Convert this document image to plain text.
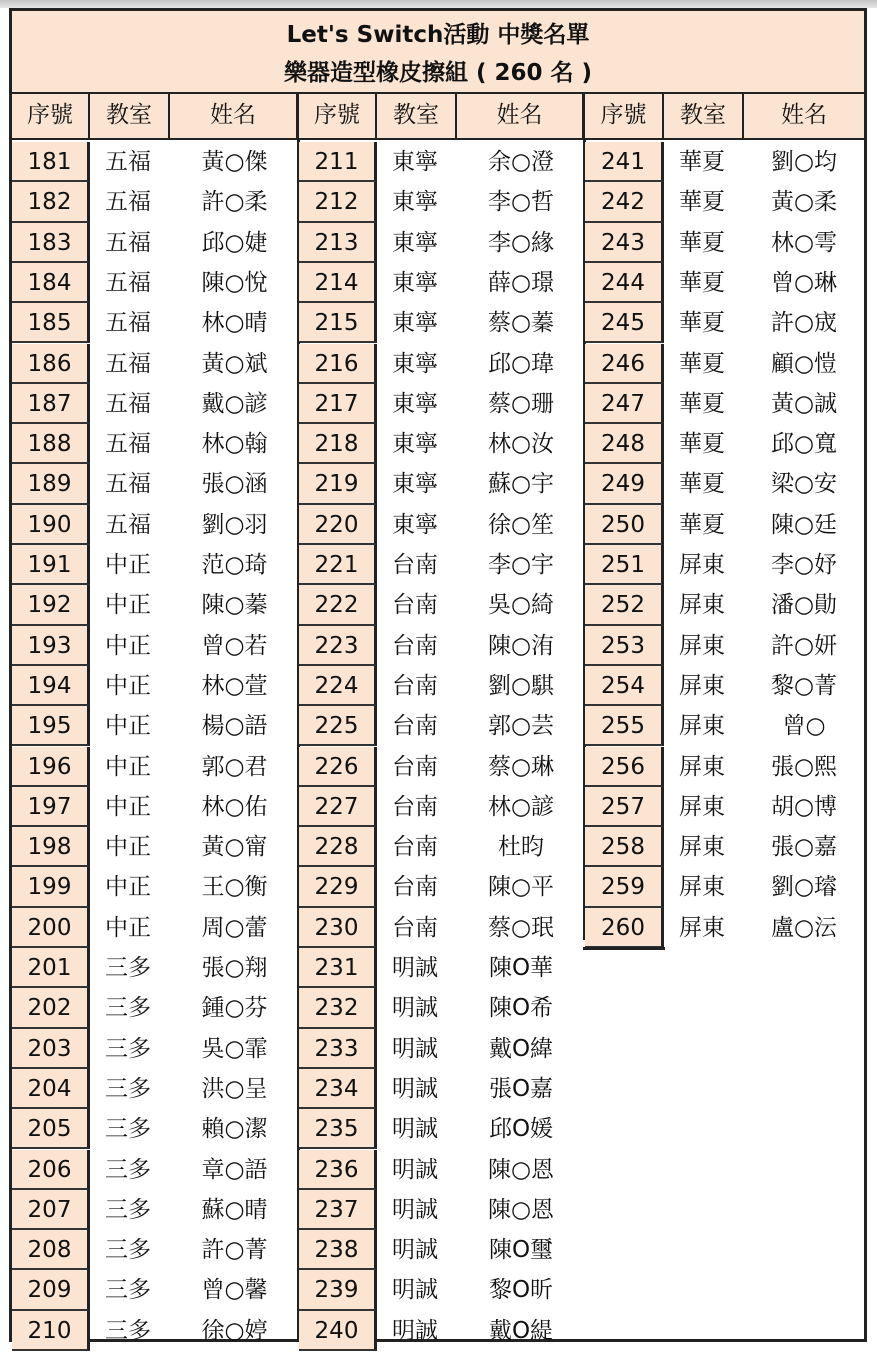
Let's Switch活動 中獎名單
樂器造型橡皮擦組 ( 260 名 )
序號	教室	姓名	序號	教室	姓名	序號	教室	姓名
181	五福	黃○傑
182	五福	許○柔
183	五福	邱○婕
184	五福	陳○悅
185	五福	林○晴
186	五福	黃○斌
187	五福	戴○諺
188	五福	林○翰
189	五福	張○涵
190	五福	劉○羽
191	中正	范○琦
192	中正	陳○蓁
193	中正	曾○若
194	中正	林○萱
195	中正	楊○語
196	中正	郭○君
197	中正	林○佑
198	中正	黃○甯
199	中正	王○衡
200	中正	周○蕾
201	三多	張○翔
202	三多	鍾○芬
203	三多	吳○霏
204	三多	洪○呈
205	三多	賴○潔
206	三多	章○語
207	三多	蘇○晴
208	三多	許○菁
209	三多	曾○馨
210	三多	徐○婷
211	東寧	余○澄
212	東寧	李○哲
213	東寧	李○緣
214	東寧	薛○璟
215	東寧	蔡○蓁
216	東寧	邱○瑋
217	東寧	蔡○珊
218	東寧	林○汝
219	東寧	蘇○宇
220	東寧	徐○笙
221	台南	李○宇
222	台南	吳○綺
223	台南	陳○洧
224	台南	劉○騏
225	台南	郭○芸
226	台南	蔡○琳
227	台南	林○諺
228	台南	杜昀
229	台南	陳○平
230	台南	蔡○珉
231	明誠	陳O華
232	明誠	陳O希
233	明誠	戴O緯
234	明誠	張O嘉
235	明誠	邱O媛
236	明誠	陳○恩
237	明誠	陳○恩
238	明誠	陳O璽
239	明誠	黎O昕
240	明誠	戴O緹
241	華夏	劉○均
242	華夏	黃○柔
243	華夏	林○雩
244	華夏	曾○琳
245	華夏	許○宬
246	華夏	顧○愷
247	華夏	黃○誠
248	華夏	邱○寬
249	華夏	梁○安
250	華夏	陳○廷
251	屏東	李○妤
252	屏東	潘○勛
253	屏東	許○妍
254	屏東	黎○菁
255	屏東	曾○
256	屏東	張○熙
257	屏東	胡○博
258	屏東	張○嘉
259	屏東	劉○璿
260	屏東	盧○沄
